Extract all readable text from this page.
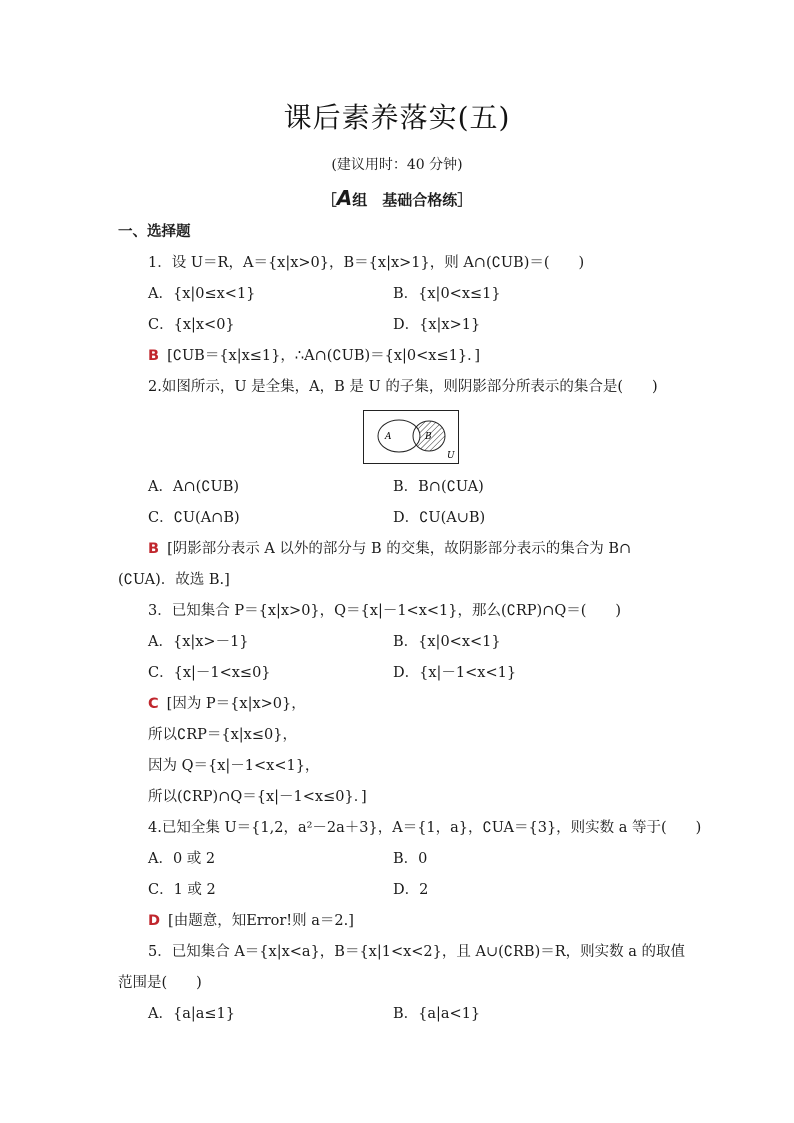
课后素养落实(五)
(建议用时：40 分钟)
［A组　基础合格练］
一、选择题
1．设 U＝R，A＝{x|x>0}，B＝{x|x>1}，则 A∩(∁UB)＝(　　)
A．{x|0≤x<1}	B．{x|0<x≤1}
C．{x|x<0}	D．{x|x>1}
B [∁UB＝{x|x≤1}，∴A∩(∁UB)＝{x|0<x≤1}．]
2.如图所示，U 是全集，A，B 是 U 的子集，则阴影部分所表示的集合是(　　)
A	B
U
A．A∩(∁UB)	B．B∩(∁UA)
C．∁U(A∩B)	D．∁U(A∪B)
B [阴影部分表示 A 以外的部分与 B 的交集，故阴影部分表示的集合为 B∩
(∁UA)．故选 B.]
3．已知集合 P＝{x|x>0}，Q＝{x|－1<x<1}，那么(∁RP)∩Q＝(　　)
A．{x|x>－1}	B．{x|0<x<1}
C．{x|－1<x≤0}	D．{x|－1<x<1}
C [因为 P＝{x|x>0}，
所以∁RP＝{x|x≤0}，
因为 Q＝{x|－1<x<1}，
所以(∁RP)∩Q＝{x|－1<x≤0}．]
4.已知全集 U＝{1,2，a²－2a＋3}，A＝{1，a}，∁UA＝{3}，则实数 a 等于(　　)
A．0 或 2	B．0
C．1 或 2	D．2
D [由题意，知Error!则 a＝2.]
5．已知集合 A＝{x|x<a}，B＝{x|1<x<2}，且 A∪(∁RB)＝R，则实数 a 的取值
范围是(　　)
A．{a|a≤1}	B．{a|a<1}
